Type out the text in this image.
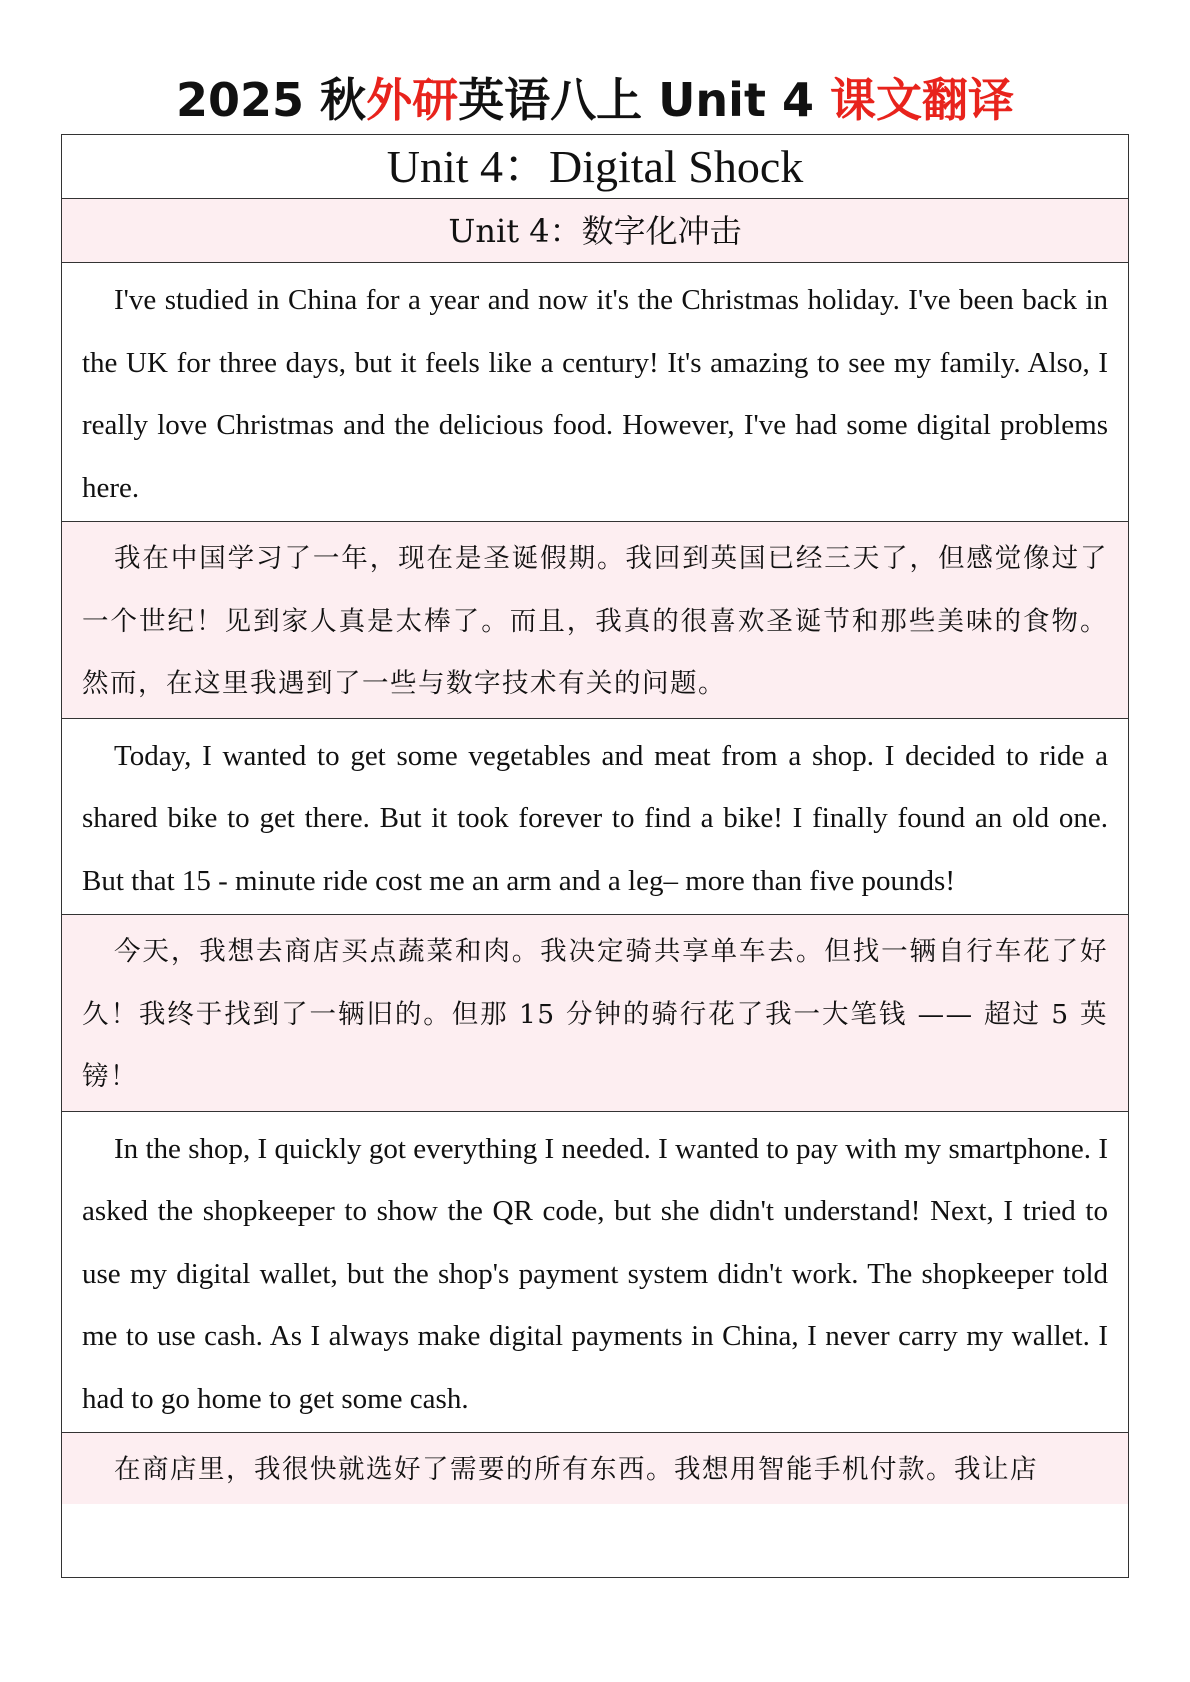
2025 秋外研英语八上 Unit 4 课文翻译
Unit 4：Digital Shock
Unit 4：数字化冲击
I've studied in China for a year and now it's the Christmas holiday. I've been back in the UK for three days, but it feels like a century! It's amazing to see my family. Also, I really love Christmas and the delicious food. However, I've had some digital problems here.
我在中国学习了一年，现在是圣诞假期。我回到英国已经三天了，但感觉像过了一个世纪！见到家人真是太棒了。而且，我真的很喜欢圣诞节和那些美味的食物。然而，在这里我遇到了一些与数字技术有关的问题。
Today, I wanted to get some vegetables and meat from a shop. I decided to ride a shared bike to get there. But it took forever to find a bike! I finally found an old one. But that 15 - minute ride cost me an arm and a leg– more than five pounds!
今天，我想去商店买点蔬菜和肉。我决定骑共享单车去。但找一辆自行车花了好久！我终于找到了一辆旧的。但那 15 分钟的骑行花了我一大笔钱 —— 超过 5 英镑！
In the shop, I quickly got everything I needed. I wanted to pay with my smartphone. I asked the shopkeeper to show the QR code, but she didn't understand! Next, I tried to use my digital wallet, but the shop's payment system didn't work. The shopkeeper told me to use cash. As I always make digital payments in China, I never carry my wallet. I had to go home to get some cash.
在商店里，我很快就选好了需要的所有东西。我想用智能手机付款。我让店
